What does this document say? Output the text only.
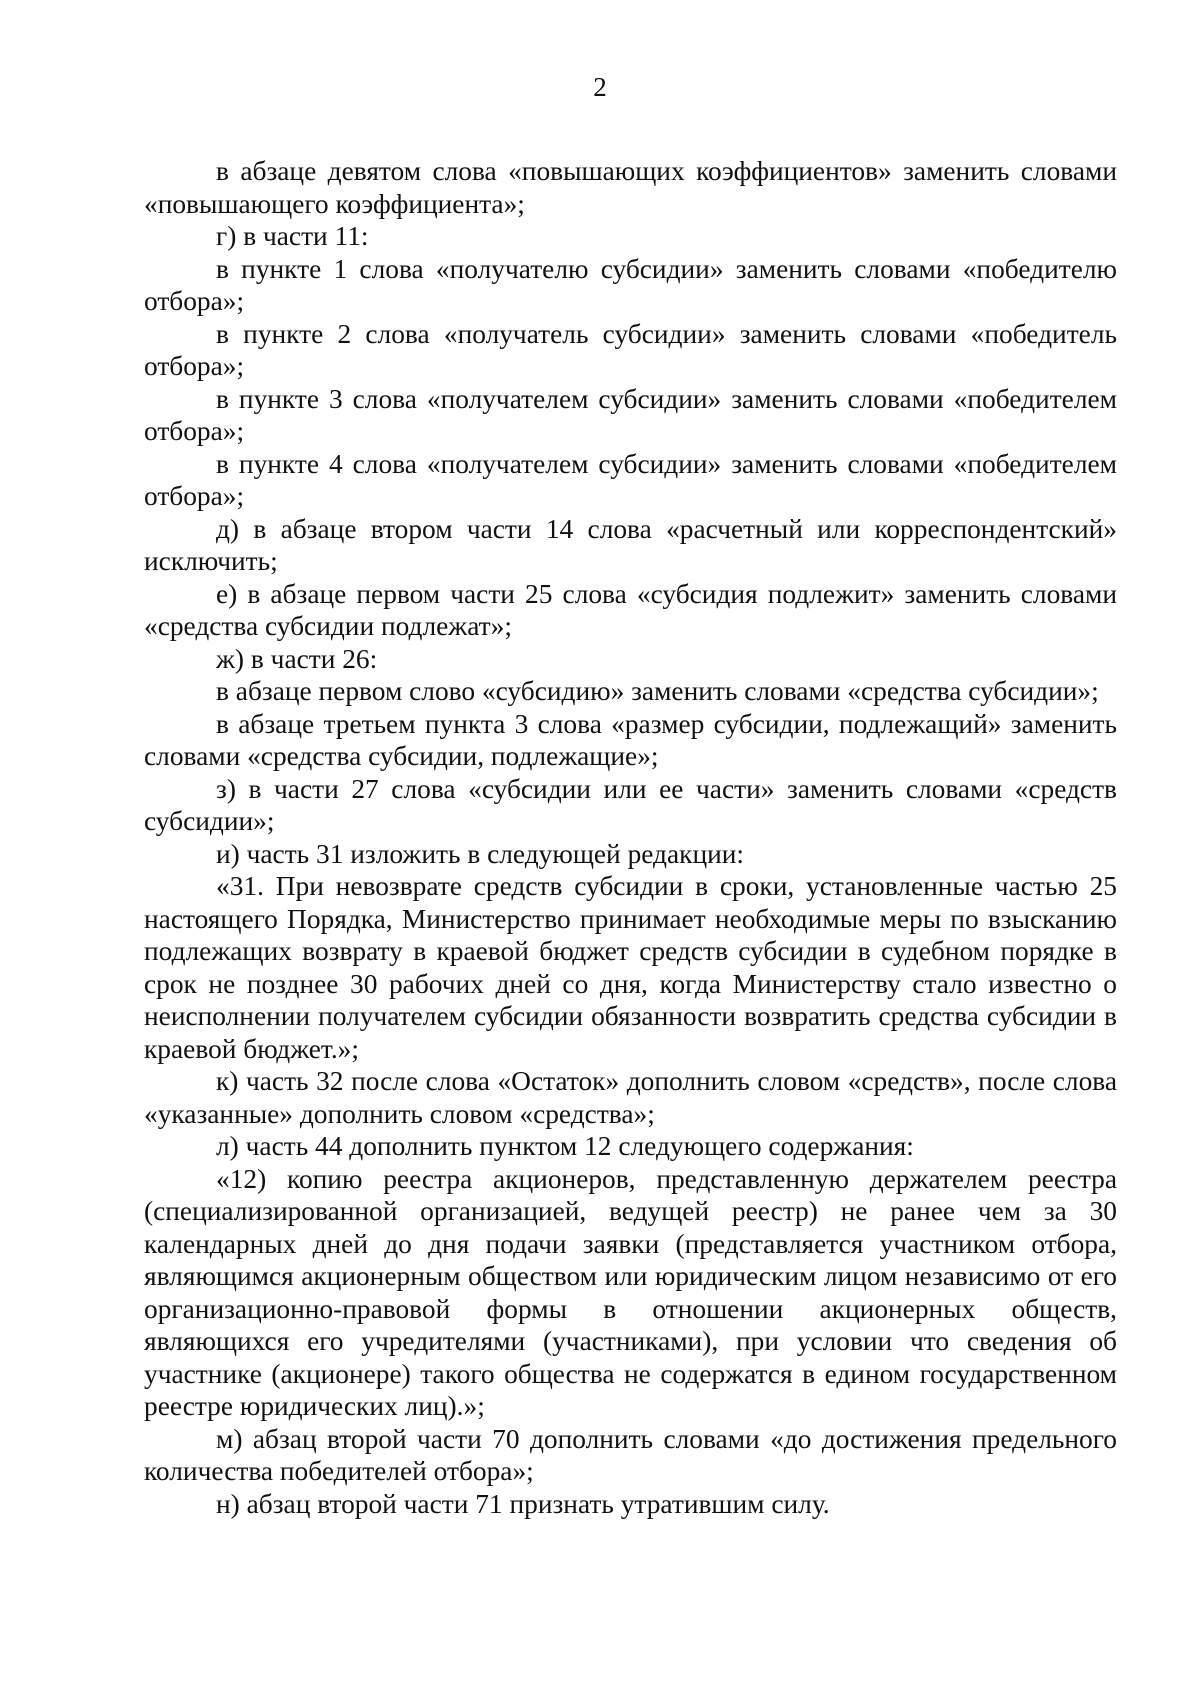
2

в абзаце девятом слова «повышающих коэффициентов» заменить словами «повышающего коэффициента»;

г) в части 11:

в пункте 1 слова «получателю субсидии» заменить словами «победителю отбора»;

в пункте 2 слова «получатель субсидии» заменить словами «победитель отбора»;

в пункте 3 слова «получателем субсидии» заменить словами «победителем отбора»;

в пункте 4 слова «получателем субсидии» заменить словами «победителем отбора»;

д) в абзаце втором части 14 слова «расчетный или корреспондентский» исключить;

е) в абзаце первом части 25 слова «субсидия подлежит» заменить словами «средства субсидии подлежат»;

ж) в части 26:

в абзаце первом слово «субсидию» заменить словами «средства субсидии»;

в абзаце третьем пункта 3 слова «размер субсидии, подлежащий» заменить словами «средства субсидии, подлежащие»;

з) в части 27 слова «субсидии или ее части» заменить словами «средств субсидии»;

и) часть 31 изложить в следующей редакции:

«31. При невозврате средств субсидии в сроки, установленные частью 25 настоящего Порядка, Министерство принимает необходимые меры по взысканию подлежащих возврату в краевой бюджет средств субсидии в судебном порядке в срок не позднее 30 рабочих дней со дня, когда Министерству стало известно о неисполнении получателем субсидии обязанности возвратить средства субсидии в краевой бюджет.»;

к) часть 32 после слова «Остаток» дополнить словом «средств», после слова «указанные» дополнить словом «средства»;

л) часть 44 дополнить пунктом 12 следующего содержания:

«12) копию реестра акционеров, представленную держателем реестра (специализированной организацией, ведущей реестр) не ранее чем за 30 календарных дней до дня подачи заявки (представляется участником отбора, являющимся акционерным обществом или юридическим лицом независимо от его организационно-правовой формы в отношении акционерных обществ, являющихся его учредителями (участниками), при условии что сведения об участнике (акционере) такого общества не содержатся в едином государственном реестре юридических лиц).»;

м) абзац второй части 70 дополнить словами «до достижения предельного количества победителей отбора»;

н) абзац второй части 71 признать утратившим силу.
